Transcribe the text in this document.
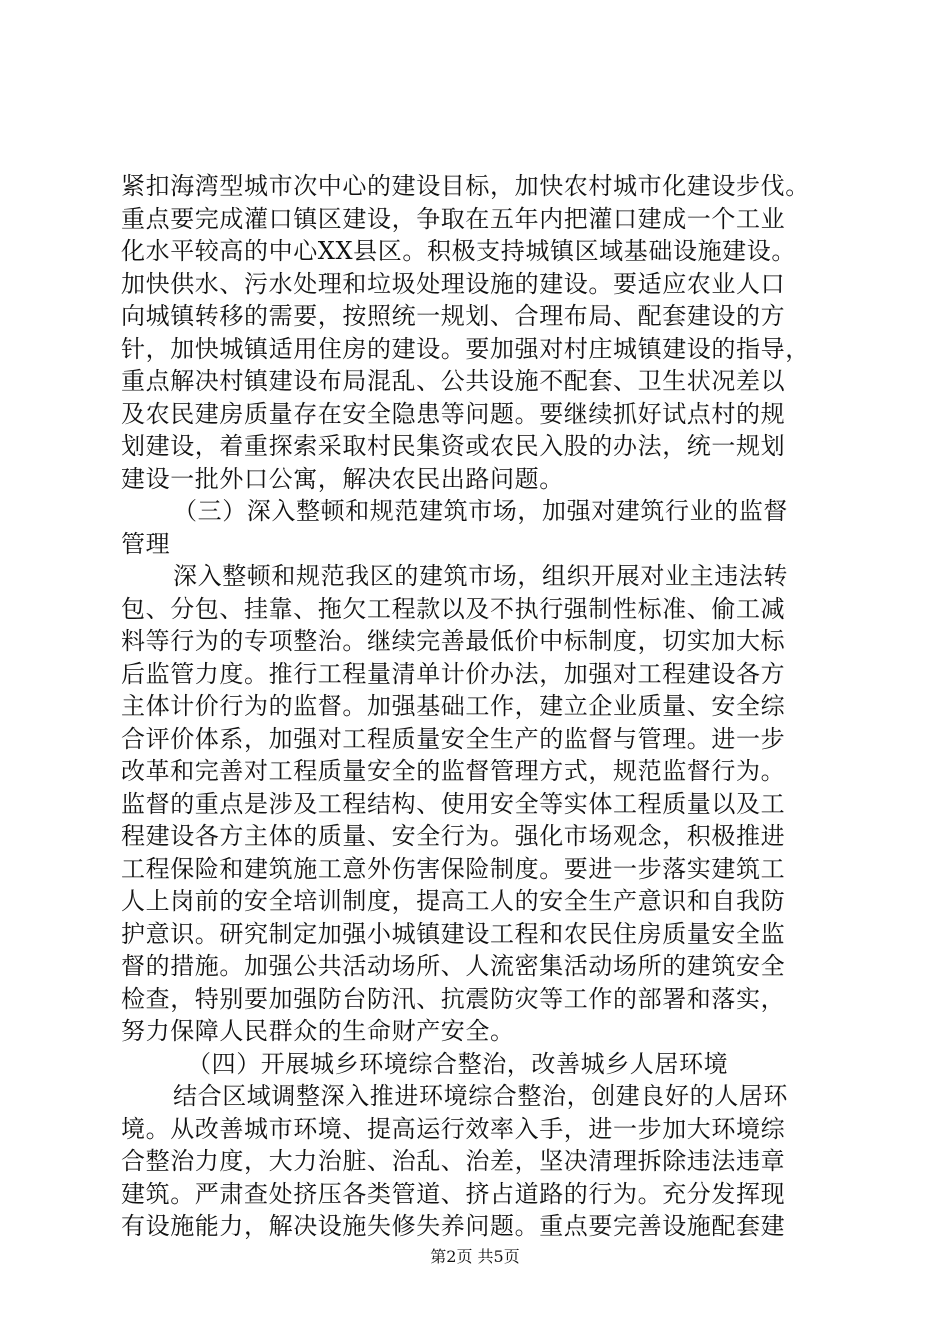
紧扣海湾型城市次中心的建设目标，加快农村城市化建设步伐。
重点要完成灌口镇区建设，争取在五年内把灌口建成一个工业
化水平较高的中心XX县区。积极支持城镇区域基础设施建设。
加快供水、污水处理和垃圾处理设施的建设。要适应农业人口
向城镇转移的需要，按照统一规划、合理布局、配套建设的方
针，加快城镇适用住房的建设。要加强对村庄城镇建设的指导，
重点解决村镇建设布局混乱、公共设施不配套、卫生状况差以
及农民建房质量存在安全隐患等问题。要继续抓好试点村的规
划建设，着重探索采取村民集资或农民入股的办法，统一规划
建设一批外口公寓，解决农民出路问题。
（三）深入整顿和规范建筑市场，加强对建筑行业的监督
管理
深入整顿和规范我区的建筑市场，组织开展对业主违法转
包、分包、挂靠、拖欠工程款以及不执行强制性标准、偷工减
料等行为的专项整治。继续完善最低价中标制度，切实加大标
后监管力度。推行工程量清单计价办法，加强对工程建设各方
主体计价行为的监督。加强基础工作，建立企业质量、安全综
合评价体系，加强对工程质量安全生产的监督与管理。进一步
改革和完善对工程质量安全的监督管理方式，规范监督行为。
监督的重点是涉及工程结构、使用安全等实体工程质量以及工
程建设各方主体的质量、安全行为。强化市场观念，积极推进
工程保险和建筑施工意外伤害保险制度。要进一步落实建筑工
人上岗前的安全培训制度，提高工人的安全生产意识和自我防
护意识。研究制定加强小城镇建设工程和农民住房质量安全监
督的措施。加强公共活动场所、人流密集活动场所的建筑安全
检查，特别要加强防台防汛、抗震防灾等工作的部署和落实，
努力保障人民群众的生命财产安全。
（四）开展城乡环境综合整治，改善城乡人居环境
结合区域调整深入推进环境综合整治，创建良好的人居环
境。从改善城市环境、提高运行效率入手，进一步加大环境综
合整治力度，大力治脏、治乱、治差，坚决清理拆除违法违章
建筑。严肃查处挤压各类管道、挤占道路的行为。充分发挥现
有设施能力，解决设施失修失养问题。重点要完善设施配套建
第2页 共5页
